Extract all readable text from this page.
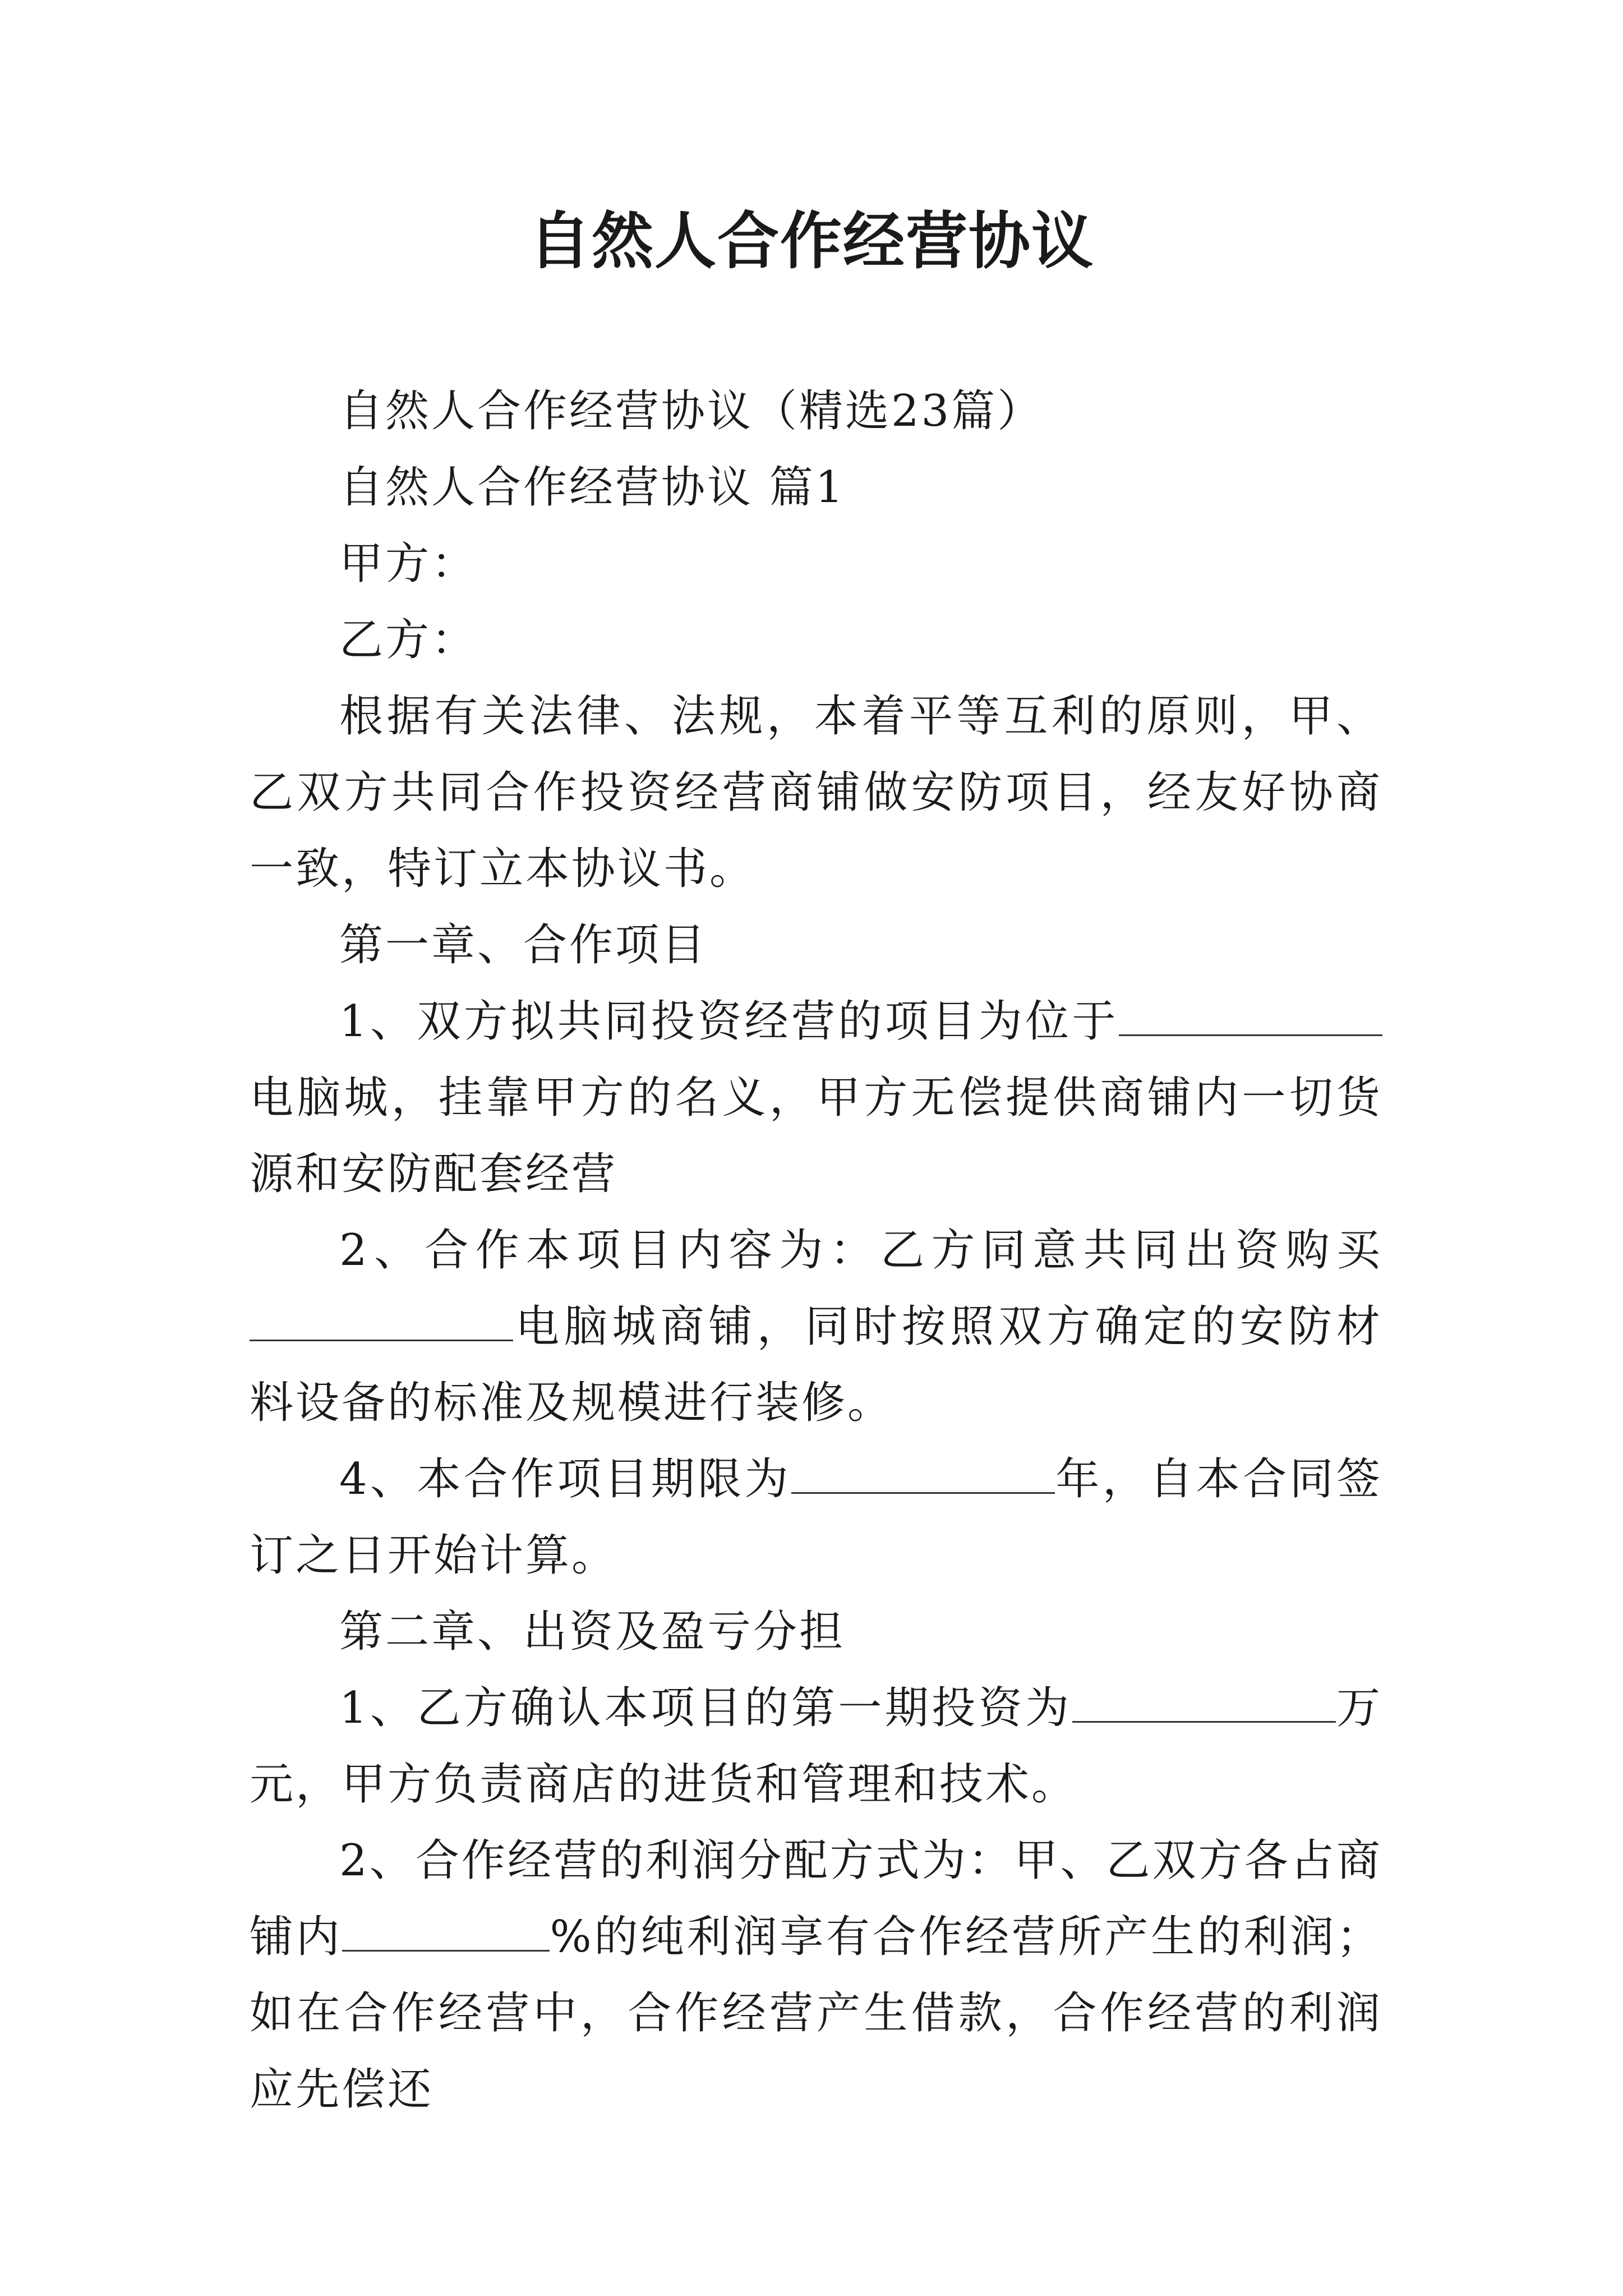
自然人合作经营协议

自然人合作经营协议（精选23篇）

自然人合作经营协议 篇1

甲方：

乙方：

根据有关法律、法规，本着平等互利的原则，甲、乙双方共同合作投资经营商铺做安防项目，经友好协商一致，特订立本协议书。

第一章、合作项目

1、双方拟共同投资经营的项目为位于电脑城，挂靠甲方的名义，甲方无偿提供商铺内一切货源和安防配套经营

2、合作本项目内容为：乙方同意共同出资购买电脑城商铺，同时按照双方确定的安防材料设备的标准及规模进行装修。

4、本合作项目期限为	年，自本合同签订之日开始计算。

第二章、出资及盈亏分担

1、乙方确认本项目的第一期投资为	万元，甲方负责商店的进货和管理和技术。

2、合作经营的利润分配方式为：甲、乙双方各占商铺内	%的纯利润享有合作经营所产生的利润；如在合作经营中，合作经营产生借款，合作经营的利润应先偿还
